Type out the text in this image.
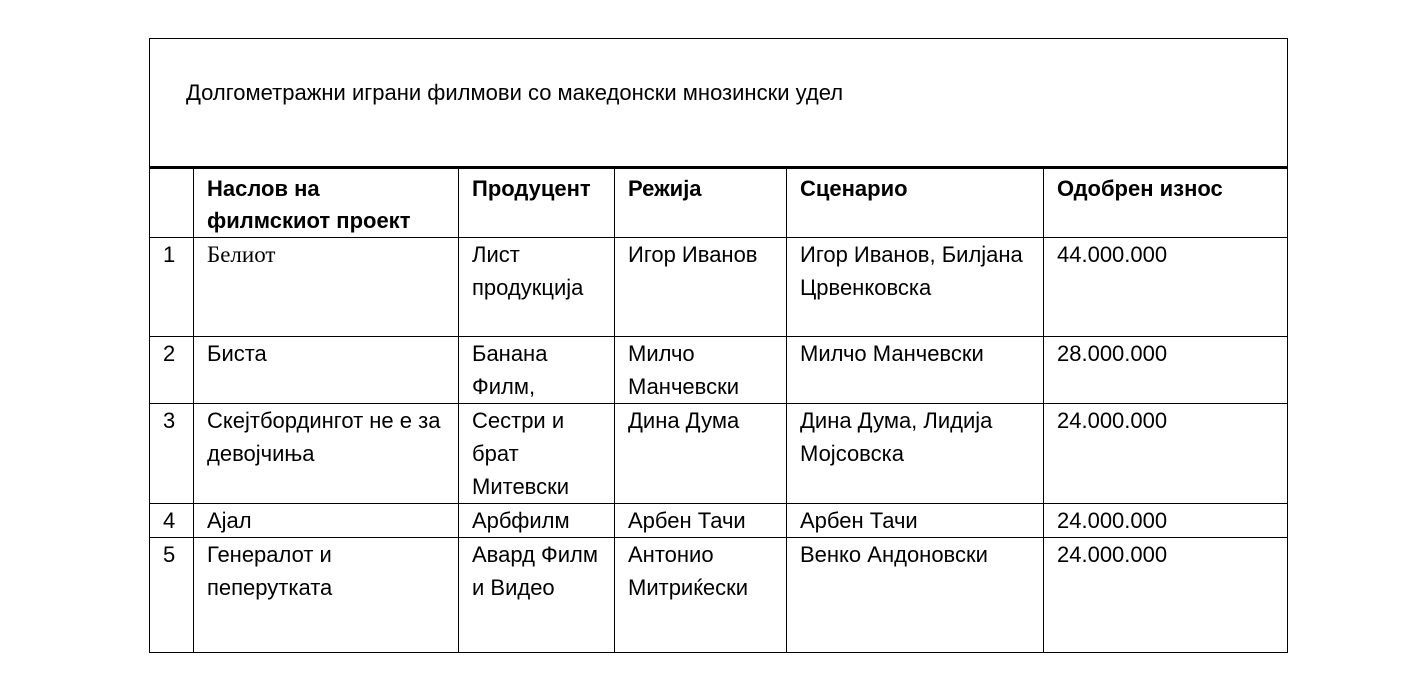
Долгометражни играни филмови со македонски мнозински удел					

	Наслов на филмскиот проект	Продуцент	Режија	Сценарио	Одобрен износ
1	Белиот	Лист продукција	Игор Иванов	Игор Иванов, Билјана Црвенковска	44.000.000
2	Биста	Банана Филм,	Милчо Манчевски	Милчо Манчевски	28.000.000
3	Скејтбордингот не е за девојчиња	Сестри и брат Митевски	Дина Дума	Дина Дума, Лидија Мојсовска	24.000.000
4	Ајал	Арбфилм	Арбен Тачи	Арбен Тачи	24.000.000
5	Генералот и пеперутката	Авард Филм и Видео	Антонио Митриќески	Венко Андоновски	24.000.000
